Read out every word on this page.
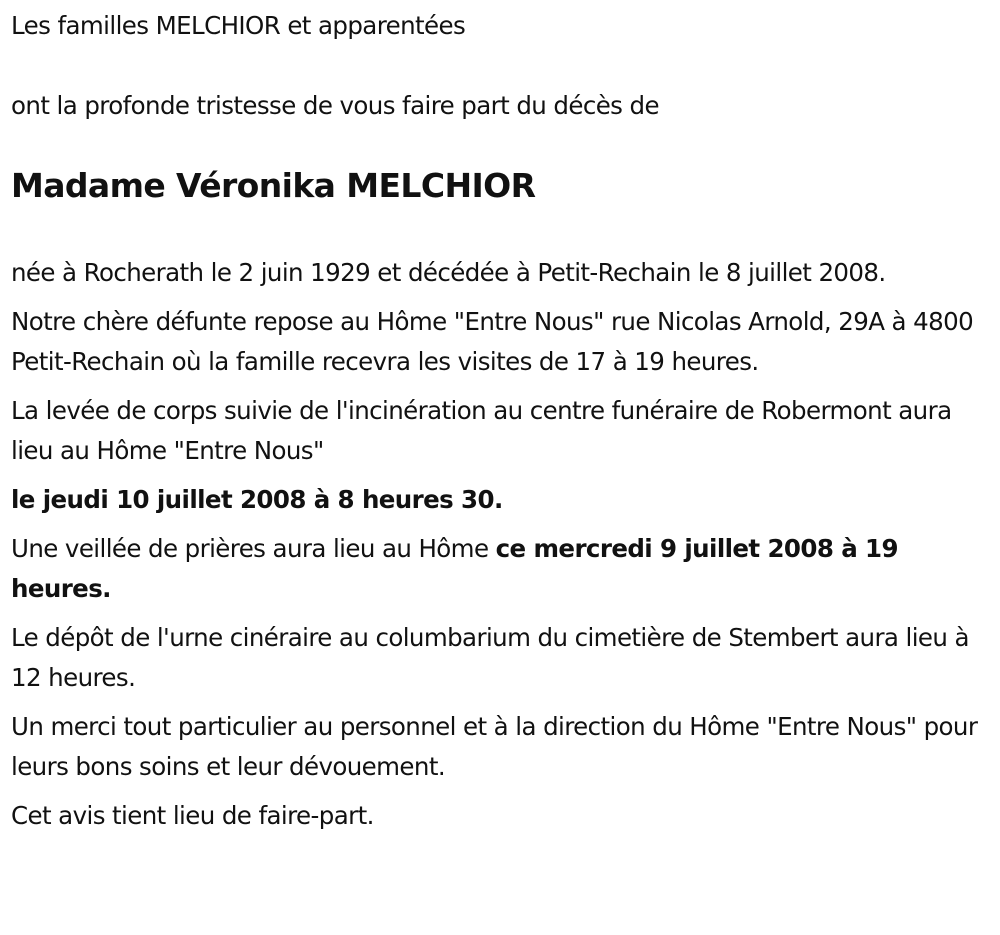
Les familles MELCHIOR et apparentées

ont la profonde tristesse de vous faire part du décès de

Madame Véronika MELCHIOR

née à Rocherath le 2 juin 1929 et décédée à Petit-Rechain le 8 juillet 2008.

Notre chère défunte repose au Hôme "Entre Nous" rue Nicolas Arnold, 29A à 4800 Petit-Rechain où la famille recevra les visites de 17 à 19 heures.

La levée de corps suivie de l'incinération au centre funéraire de Robermont aura lieu au Hôme "Entre Nous"

le jeudi 10 juillet 2008 à 8 heures 30.

Une veillée de prières aura lieu au Hôme ce mercredi 9 juillet 2008 à 19 heures.

Le dépôt de l'urne cinéraire au columbarium du cimetière de Stembert aura lieu à 12 heures.

Un merci tout particulier au personnel et à la direction du Hôme "Entre Nous" pour leurs bons soins et leur dévouement.

Cet avis tient lieu de faire-part.
